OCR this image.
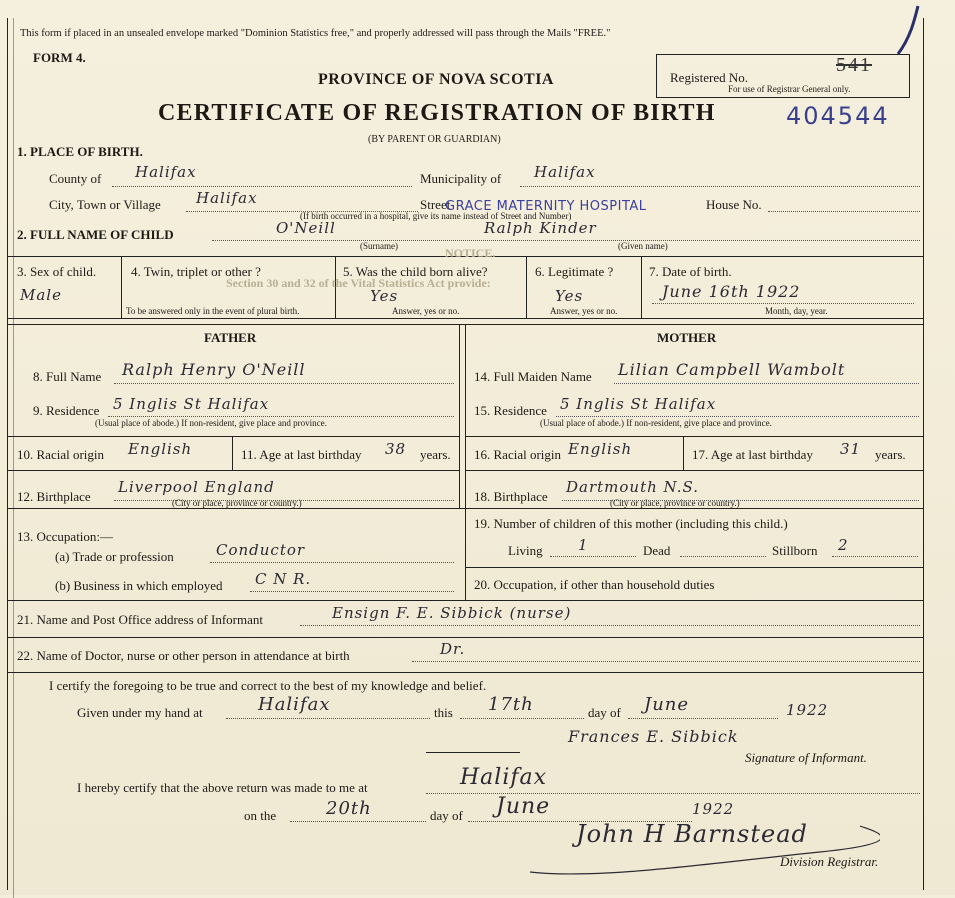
This form if placed in an unsealed envelope marked "Dominion Statistics free," and properly addressed will pass through the Mails "FREE."
FORM 4.
PROVINCE OF NOVA SCOTIA
CERTIFICATE OF REGISTRATION OF BIRTH
(BY PARENT OR GUARDIAN)
Registered No.
541
For use of Registrar General only.
404544
1. PLACE OF BIRTH.
County of Halifax	Municipality of Halifax
City, Town or Village Halifax	Street
GRACE MATERNITY HOSPITAL	House No.
(If birth occurred in a hospital, give its name instead of Street and Number)
2. FULL NAME OF CHILD	O'Neill	Ralph Kinder
(Surname)	(Given name)
3. Sex of child.
Male
4. Twin, triplet or other ?
To be answered only in the event of plural birth.
5. Was the child born alive?
Yes
Answer, yes or no.
6. Legitimate ?
Yes
Answer, yes or no.
7. Date of birth.
June 16th 1922
Month, day, year.
NOTICE.
Section 30 and 32 of the Vital Statistics Act provide:
FATHER	MOTHER
8. Full Name Ralph Henry O'Neill
9. Residence 5 Inglis St Halifax
(Usual place of abode.) If non-resident, give place and province.
10. Racial origin English	11. Age at last birthday 38 years.
12. Birthplace
Liverpool England
(City or place, province or country.)
14. Full Maiden Name Lilian Campbell Wambolt
15. Residence 5 Inglis St Halifax
(Usual place of abode.) If non-resident, give place and province.
16. Racial origin English	17. Age at last birthday 31 years.
18. Birthplace
Dartmouth N.S.
(City or place, province or country.)
13. Occupation:—
(a) Trade or profession	Conductor
(b) Business in which employed C N R.
19. Number of children of this mother (including this child.)
Living 1	Dead	Stillborn 2
20. Occupation, if other than household duties
21. Name and Post Office address of Informant	Ensign F. E. Sibbick (nurse)
22. Name of Doctor, nurse or other person in attendance at birth	Dr.
I certify the foregoing to be true and correct to the best of my knowledge and belief.
Given under my hand at	Halifax	this 17th	day of June	1922
Frances E. Sibbick
Signature of Informant.
I hereby certify that the above return was made to me at	Halifax
on the	20th	day of June	1922
John H Barnstead
Division Registrar.
